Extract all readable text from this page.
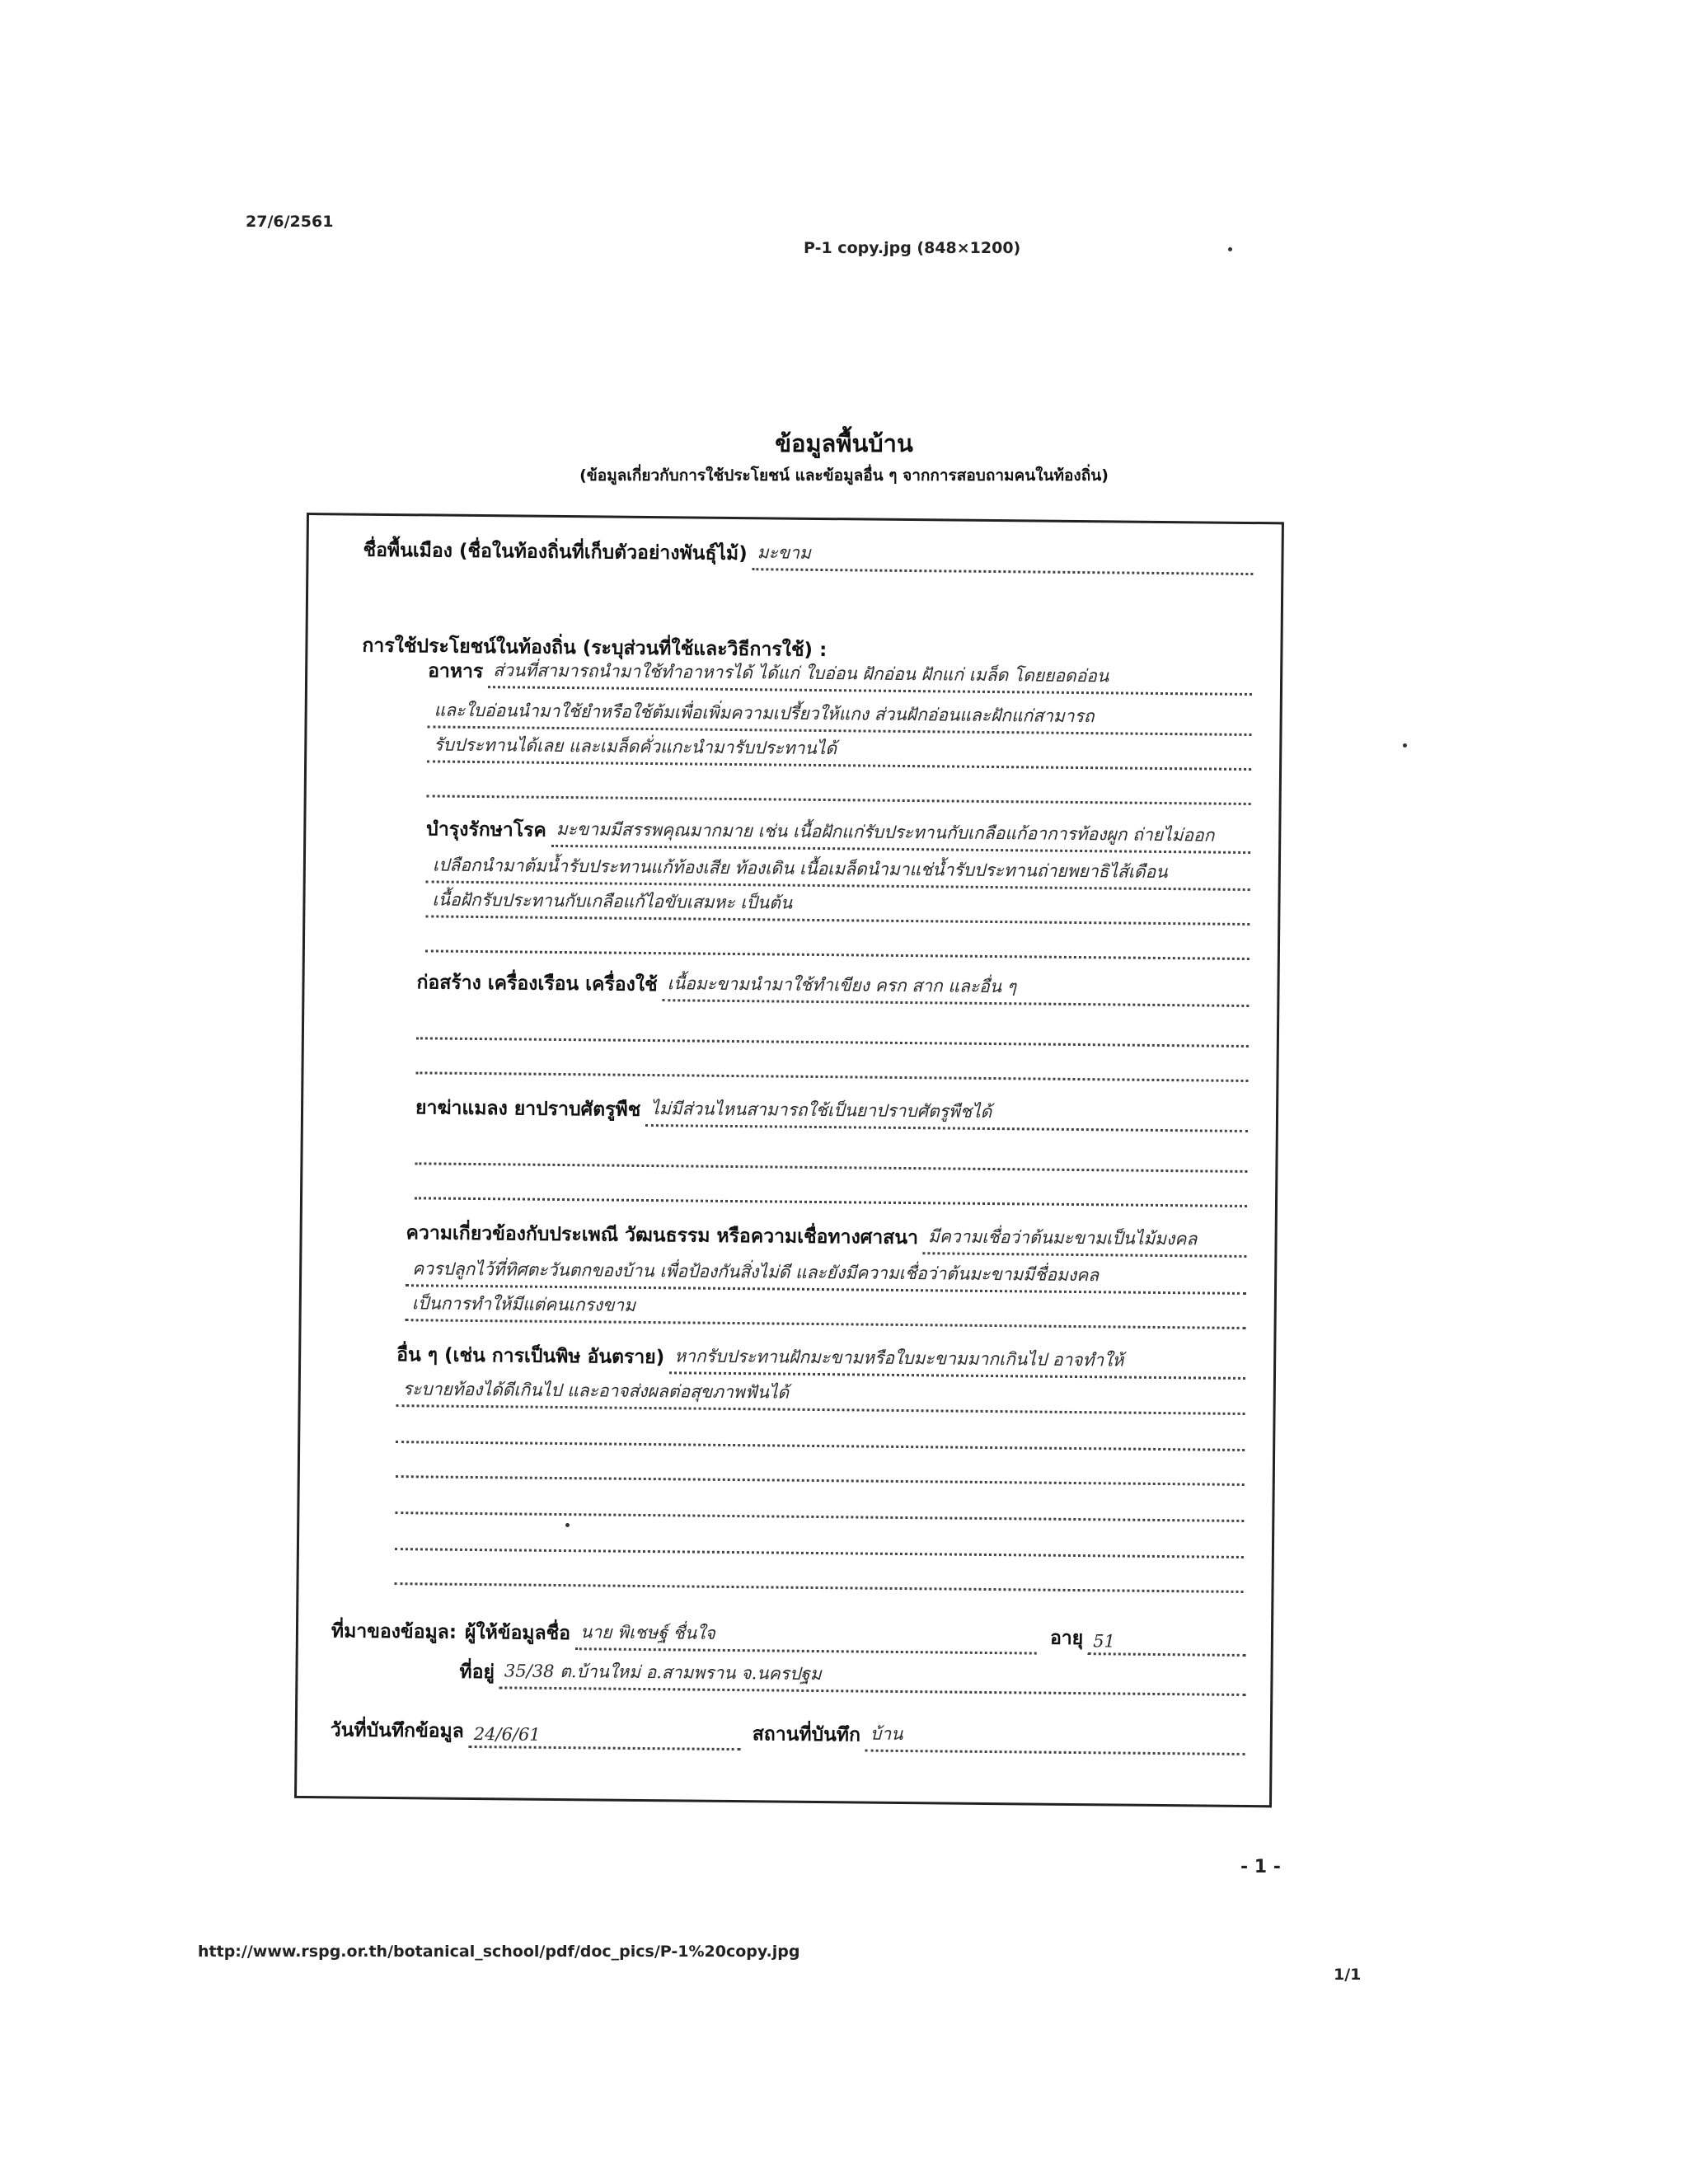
27/6/2561
P-1 copy.jpg (848×1200)
http://www.rspg.or.th/botanical_school/pdf/doc_pics/P-1%20copy.jpg
1/1
ข้อมูลพื้นบ้าน
(ข้อมูลเกี่ยวกับการใช้ประโยชน์ และข้อมูลอื่น ๆ จากการสอบถามคนในท้องถิ่น)
ชื่อพื้นเมือง (ชื่อในท้องถิ่นที่เก็บตัวอย่างพันธุ์ไม้) มะขาม
การใช้ประโยชน์ในท้องถิ่น (ระบุส่วนที่ใช้และวิธีการใช้) :
อาหาร ส่วนที่สามารถนำมาใช้ทำอาหารได้ ได้แก่ ใบอ่อน ฝักอ่อน ฝักแก่ เมล็ด โดยยอดอ่อน
และใบอ่อนนำมาใช้ยำหรือใช้ต้มเพื่อเพิ่มความเปรี้ยวให้แกง ส่วนฝักอ่อนและฝักแก่สามารถ
รับประทานได้เลย และเมล็ดคั่วแกะนำมารับประทานได้
บำรุงรักษาโรค มะขามมีสรรพคุณมากมาย เช่น เนื้อฝักแก่รับประทานกับเกลือแก้อาการท้องผูก ถ่ายไม่ออก
เปลือกนำมาต้มน้ำรับประทานแก้ท้องเสีย ท้องเดิน เนื้อเมล็ดนำมาแช่น้ำรับประทานถ่ายพยาธิไส้เดือน
เนื้อฝักรับประทานกับเกลือแก้ไอขับเสมหะ เป็นต้น
ก่อสร้าง เครื่องเรือน เครื่องใช้ เนื้อมะขามนำมาใช้ทำเขียง ครก สาก และอื่น ๆ
ยาฆ่าแมลง ยาปราบศัตรูพืช ไม่มีส่วนไหนสามารถใช้เป็นยาปราบศัตรูพืชได้
ความเกี่ยวข้องกับประเพณี วัฒนธรรม หรือความเชื่อทางศาสนา มีความเชื่อว่าต้นมะขามเป็นไม้มงคล
ควรปลูกไว้ที่ทิศตะวันตกของบ้าน เพื่อป้องกันสิ่งไม่ดี และยังมีความเชื่อว่าต้นมะขามมีชื่อมงคล
เป็นการทำให้มีแต่คนเกรงขาม
อื่น ๆ (เช่น การเป็นพิษ อันตราย) หากรับประทานฝักมะขามหรือใบมะขามมากเกินไป อาจทำให้
ระบายท้องได้ดีเกินไป และอาจส่งผลต่อสุขภาพฟันได้
ที่มาของข้อมูล: ผู้ให้ข้อมูลชื่อ นาย พิเชษฐ์ ชื่นใจ	อายุ 51
ที่อยู่ 35/38 ต.บ้านใหม่ อ.สามพราน จ.นครปฐม
วันที่บันทึกข้อมูล 24/6/61	สถานที่บันทึก บ้าน
- 1 -
